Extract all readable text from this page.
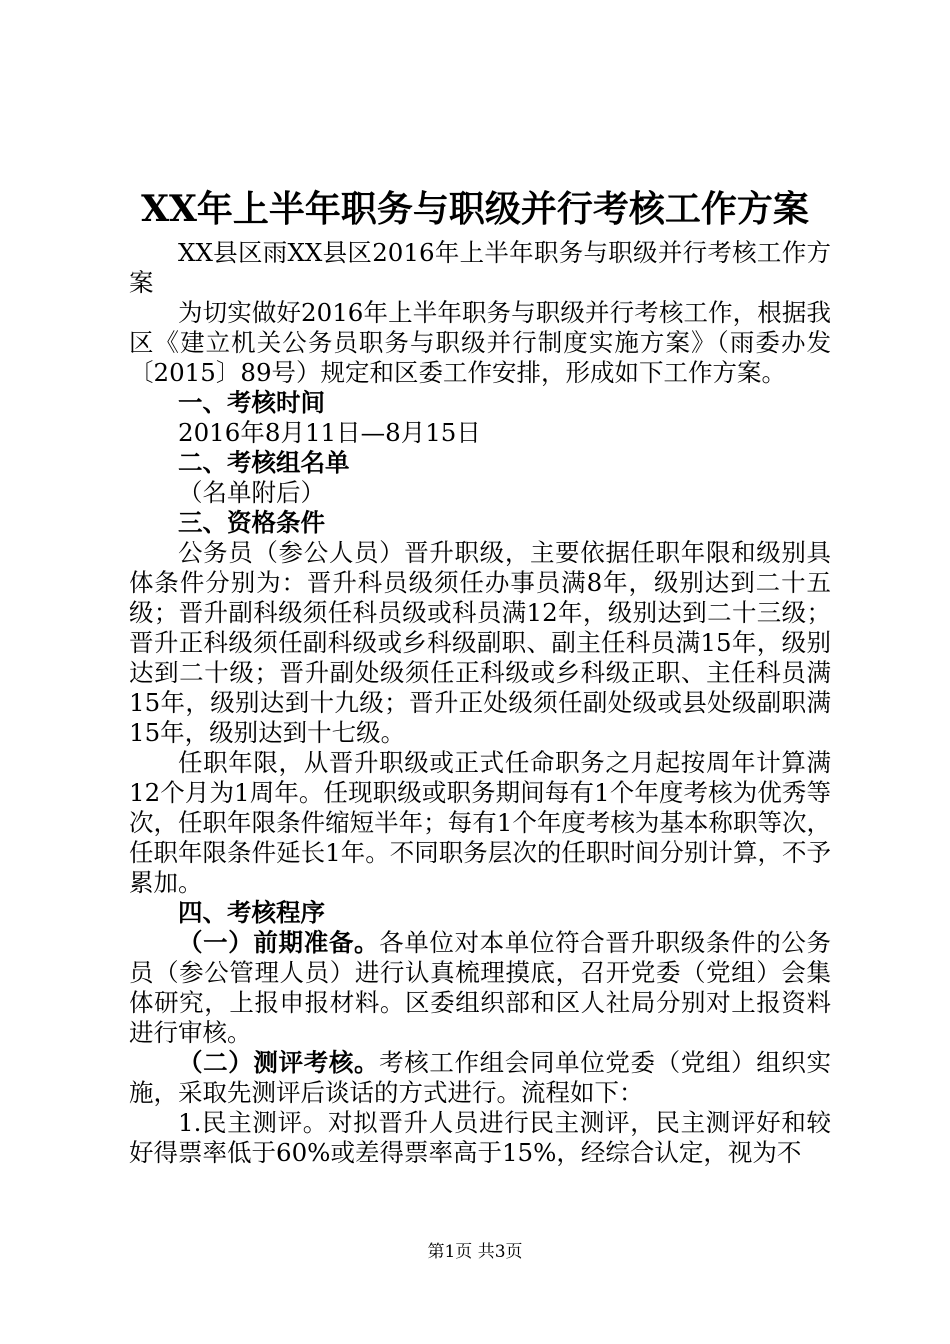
XX年上半年职务与职级并行考核工作方案

XX县区雨XX县区2016年上半年职务与职级并行考核工作方案

为切实做好2016年上半年职务与职级并行考核工作，根据我区《建立机关公务员职务与职级并行制度实施方案》（雨委办发〔2015〕89号）规定和区委工作安排，形成如下工作方案。

一、考核时间

2016年8月11日—8月15日

二、考核组名单

（名单附后）

三、资格条件

公务员（参公人员）晋升职级，主要依据任职年限和级别具体条件分别为：晋升科员级须任办事员满8年，级别达到二十五级；晋升副科级须任科员级或科员满12年，级别达到二十三级；晋升正科级须任副科级或乡科级副职、副主任科员满15年，级别达到二十级；晋升副处级须任正科级或乡科级正职、主任科员满15年，级别达到十九级；晋升正处级须任副处级或县处级副职满15年，级别达到十七级。

任职年限，从晋升职级或正式任命职务之月起按周年计算满12个月为1周年。任现职级或职务期间每有1个年度考核为优秀等次，任职年限条件缩短半年；每有1个年度考核为基本称职等次，任职年限条件延长1年。不同职务层次的任职时间分别计算，不予累加。

四、考核程序

（一）前期准备。各单位对本单位符合晋升职级条件的公务员（参公管理人员）进行认真梳理摸底，召开党委（党组）会集体研究，上报申报材料。区委组织部和区人社局分别对上报资料进行审核。

（二）测评考核。考核工作组会同单位党委（党组）组织实施，采取先测评后谈话的方式进行。流程如下：

1.民主测评。对拟晋升人员进行民主测评，民主测评好和较好得票率低于60%或差得票率高于15%，经综合认定，视为不

第1页 共3页
